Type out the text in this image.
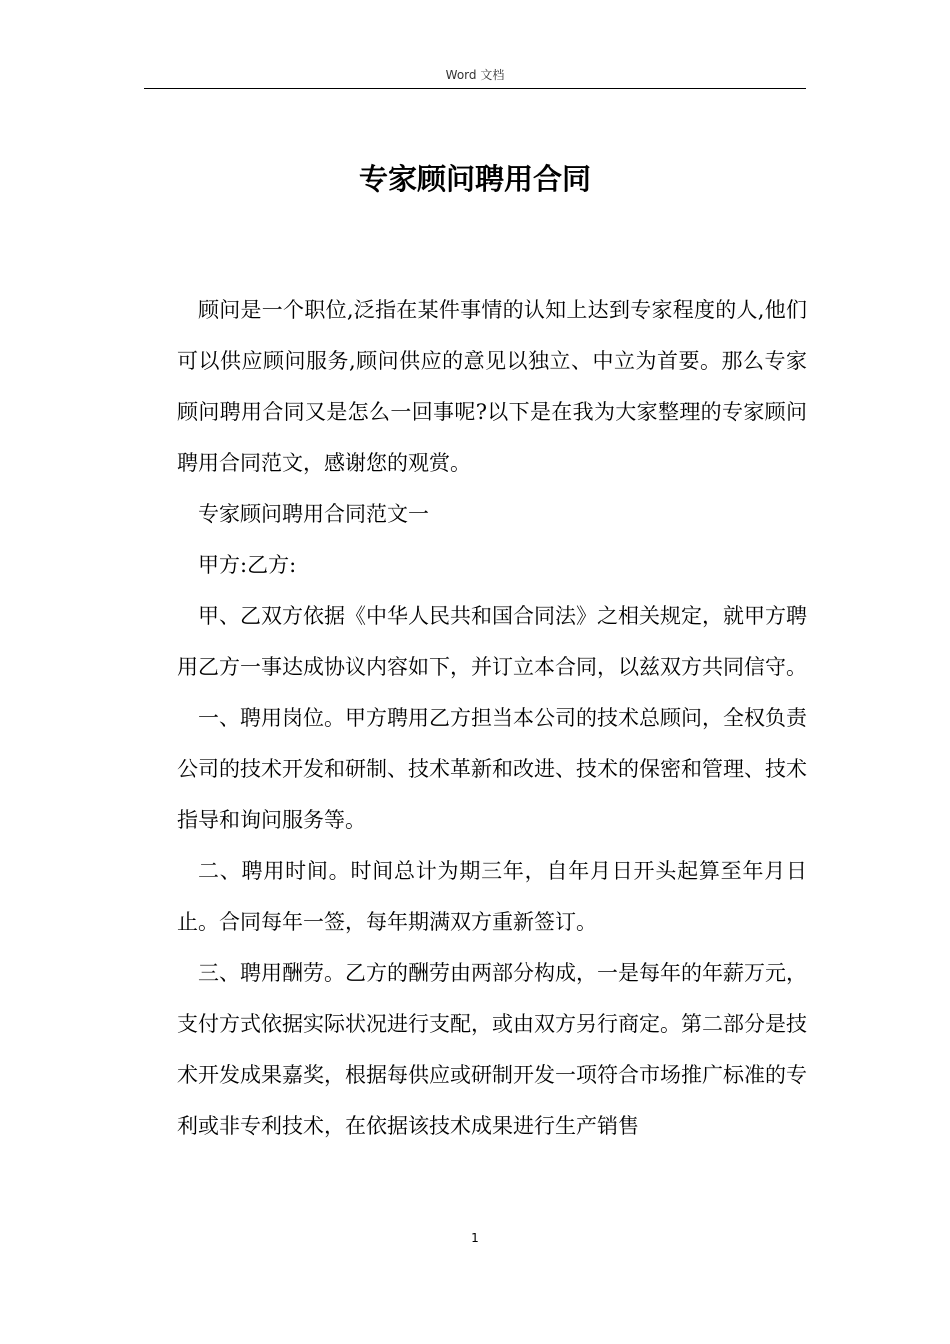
Word 文档
专家顾问聘用合同

顾问是一个职位,泛指在某件事情的认知上达到专家程度的人,他们可以供应顾问服务,顾问供应的意见以独立、中立为首要。那么专家顾问聘用合同又是怎么一回事呢?以下是在我为大家整理的专家顾问聘用合同范文，感谢您的观赏。

专家顾问聘用合同范文一

甲方:乙方:

甲、乙双方依据《中华人民共和国合同法》之相关规定，就甲方聘用乙方一事达成协议内容如下，并订立本合同，以兹双方共同信守。

一、聘用岗位。甲方聘用乙方担当本公司的技术总顾问，全权负责公司的技术开发和研制、技术革新和改进、技术的保密和管理、技术指导和询问服务等。

二、聘用时间。时间总计为期三年，自年月日开头起算至年月日止。合同每年一签，每年期满双方重新签订。

三、聘用酬劳。乙方的酬劳由两部分构成，一是每年的年薪万元，支付方式依据实际状况进行支配，或由双方另行商定。第二部分是技术开发成果嘉奖，根据每供应或研制开发一项符合市场推广标准的专利或非专利技术，在依据该技术成果进行生产销售

1
